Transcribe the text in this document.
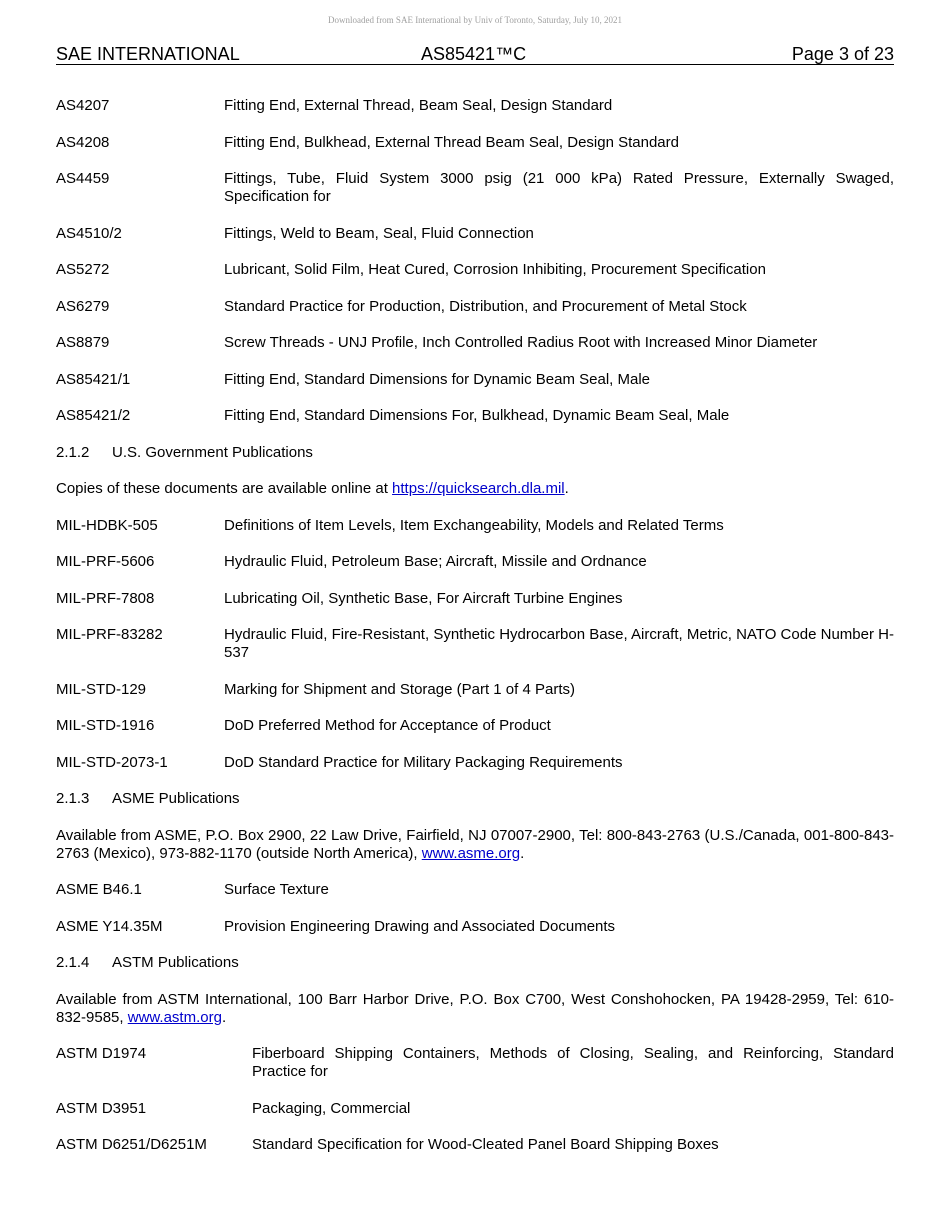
Downloaded from SAE International by Univ of Toronto, Saturday, July 10, 2021
SAE INTERNATIONAL	AS85421™C	Page 3 of 23
AS4207	Fitting End, External Thread, Beam Seal, Design Standard
AS4208	Fitting End, Bulkhead, External Thread Beam Seal, Design Standard
AS4459	Fittings, Tube, Fluid System 3000 psig (21 000 kPa) Rated Pressure, Externally Swaged, Specification for
AS4510/2	Fittings, Weld to Beam, Seal, Fluid Connection
AS5272	Lubricant, Solid Film, Heat Cured, Corrosion Inhibiting, Procurement Specification
AS6279	Standard Practice for Production, Distribution, and Procurement of Metal Stock
AS8879	Screw Threads - UNJ Profile, Inch Controlled Radius Root with Increased Minor Diameter
AS85421/1	Fitting End, Standard Dimensions for Dynamic Beam Seal, Male
AS85421/2	Fitting End, Standard Dimensions For, Bulkhead, Dynamic Beam Seal, Male
2.1.2	U.S. Government Publications
Copies of these documents are available online at https://quicksearch.dla.mil.
MIL-HDBK-505	Definitions of Item Levels, Item Exchangeability, Models and Related Terms
MIL-PRF-5606	Hydraulic Fluid, Petroleum Base; Aircraft, Missile and Ordnance
MIL-PRF-7808	Lubricating Oil, Synthetic Base, For Aircraft Turbine Engines
MIL-PRF-83282	Hydraulic Fluid, Fire-Resistant, Synthetic Hydrocarbon Base, Aircraft, Metric, NATO Code Number H-537
MIL-STD-129	Marking for Shipment and Storage (Part 1 of 4 Parts)
MIL-STD-1916	DoD Preferred Method for Acceptance of Product
MIL-STD-2073-1	DoD Standard Practice for Military Packaging Requirements
2.1.3	ASME Publications
Available from ASME, P.O. Box 2900, 22 Law Drive, Fairfield, NJ 07007-2900, Tel: 800-843-2763 (U.S./Canada, 001-800-843-2763 (Mexico), 973-882-1170 (outside North America), www.asme.org.
ASME B46.1	Surface Texture
ASME Y14.35M	Provision Engineering Drawing and Associated Documents
2.1.4	ASTM Publications
Available from ASTM International, 100 Barr Harbor Drive, P.O. Box C700, West Conshohocken, PA 19428-2959, Tel: 610-832-9585, www.astm.org.
ASTM D1974	Fiberboard Shipping Containers, Methods of Closing, Sealing, and Reinforcing, Standard Practice for
ASTM D3951	Packaging, Commercial
ASTM D6251/D6251M	Standard Specification for Wood-Cleated Panel Board Shipping Boxes
